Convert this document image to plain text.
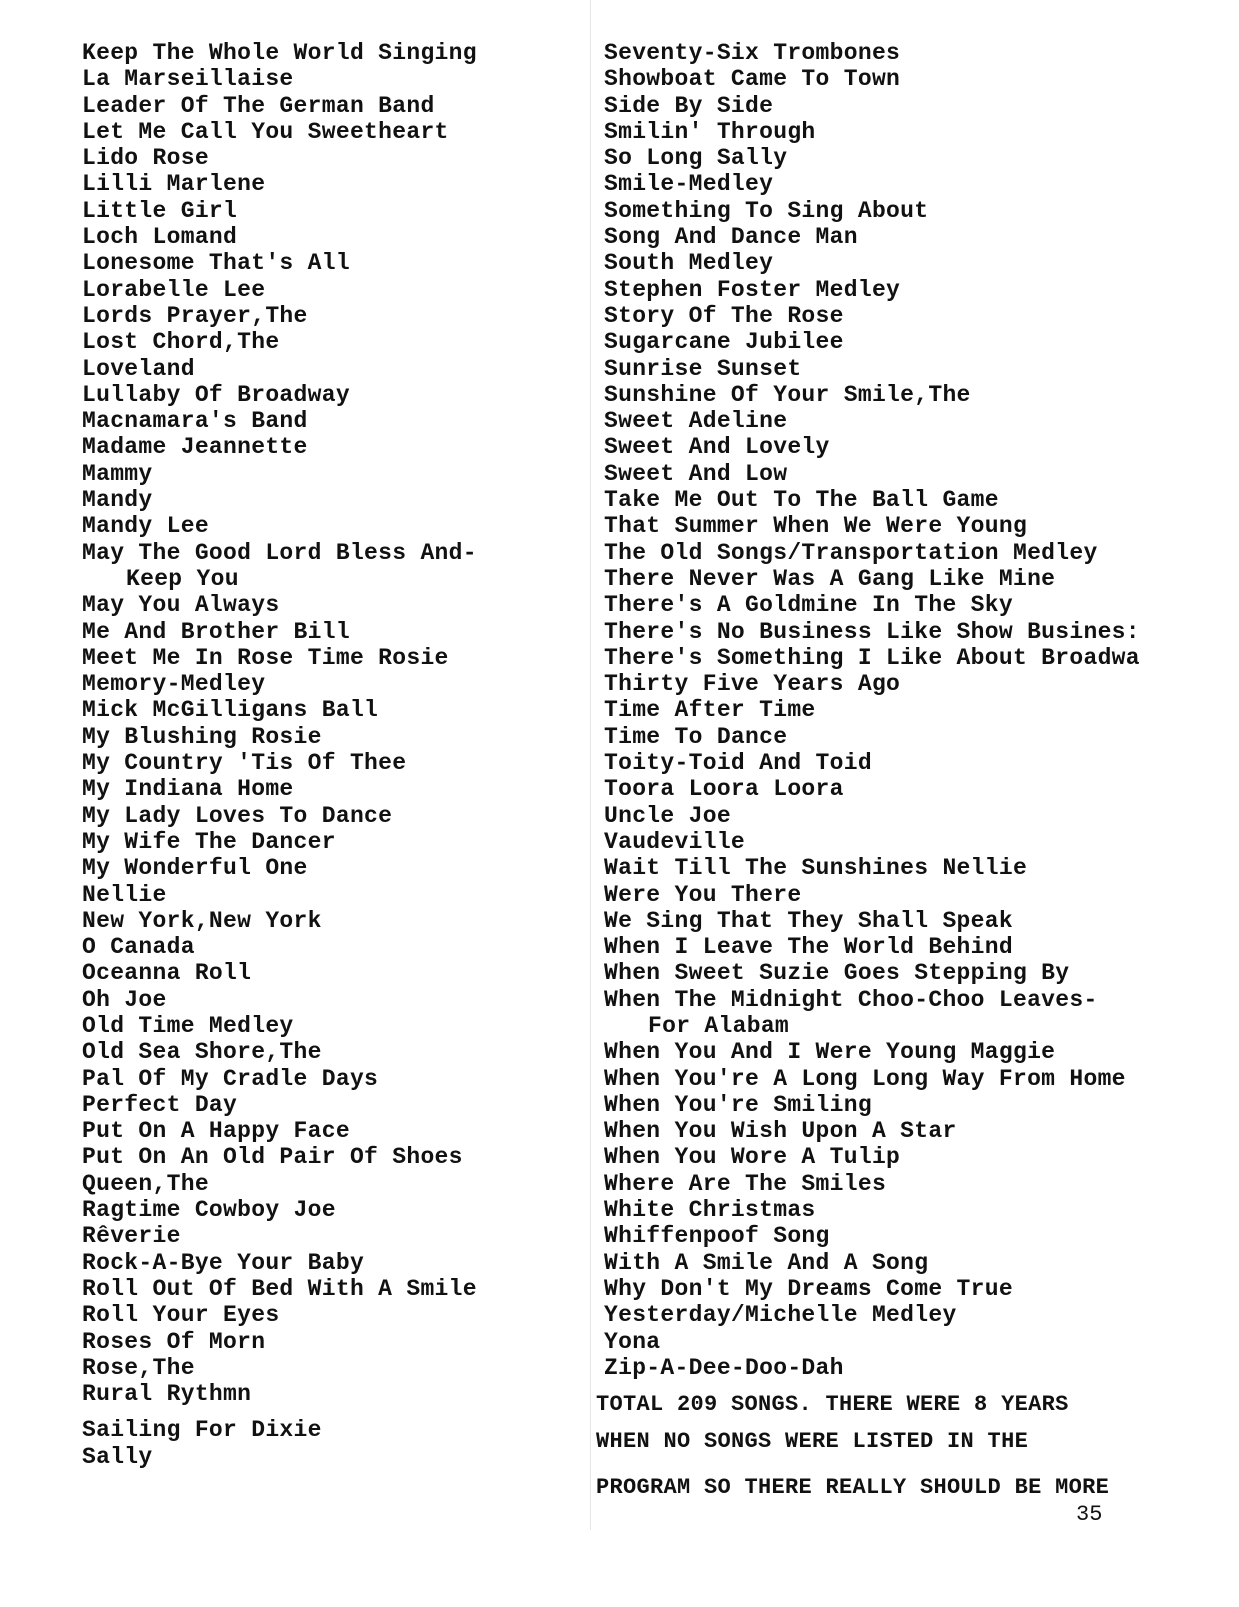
Keep The Whole World Singing
La Marseillaise
Leader Of The German Band
Let Me Call You Sweetheart
Lido Rose
Lilli Marlene
Little Girl
Loch Lomand
Lonesome That's All
Lorabelle Lee
Lords Prayer,The
Lost Chord,The
Loveland
Lullaby Of Broadway
Macnamara's Band
Madame Jeannette
Mammy
Mandy
Mandy Lee
May The Good Lord Bless And-
Keep You
May You Always
Me And Brother Bill
Meet Me In Rose Time Rosie
Memory-Medley
Mick McGilligans Ball
My Blushing Rosie
My Country 'Tis Of Thee
My Indiana Home
My Lady Loves To Dance
My Wife The Dancer
My Wonderful One
Nellie
New York,New York
O Canada
Oceanna Roll
Oh Joe
Old Time Medley
Old Sea Shore,The
Pal Of My Cradle Days
Perfect Day
Put On A Happy Face
Put On An Old Pair Of Shoes
Queen,The
Ragtime Cowboy Joe
Rêverie
Rock-A-Bye Your Baby
Roll Out Of Bed With A Smile
Roll Your Eyes
Roses Of Morn
Rose,The
Rural Rythmn
Sailing For Dixie
Sally
Seventy-Six Trombones
Showboat Came To Town
Side By Side
Smilin' Through
So Long Sally
Smile-Medley
Something To Sing About
Song And Dance Man
South Medley
Stephen Foster Medley
Story Of The Rose
Sugarcane Jubilee
Sunrise Sunset
Sunshine Of Your Smile,The
Sweet Adeline
Sweet And Lovely
Sweet And Low
Take Me Out To The Ball Game
That Summer When We Were Young
The Old Songs/Transportation Medley
There Never Was A Gang Like Mine
There's A Goldmine In The Sky
There's No Business Like Show Busines:
There's Something I Like About Broadwa
Thirty Five Years Ago
Time After Time
Time To Dance
Toity-Toid And Toid
Toora Loora Loora
Uncle Joe
Vaudeville
Wait Till The Sunshines Nellie
Were You There
We Sing That They Shall Speak
When I Leave The World Behind
When Sweet Suzie Goes Stepping By
When The Midnight Choo-Choo Leaves-
For Alabam
When You And I Were Young Maggie
When You're A Long Long Way From Home
When You're Smiling
When You Wish Upon A Star
When You Wore A Tulip
Where Are The Smiles
White Christmas
Whiffenpoof Song
With A Smile And A Song
Why Don't My Dreams Come True
Yesterday/Michelle Medley
Yona
Zip-A-Dee-Doo-Dah
TOTAL 209 SONGS. THERE WERE 8 YEARS
WHEN NO SONGS WERE LISTED IN THE
PROGRAM SO THERE REALLY SHOULD BE MORE
35
